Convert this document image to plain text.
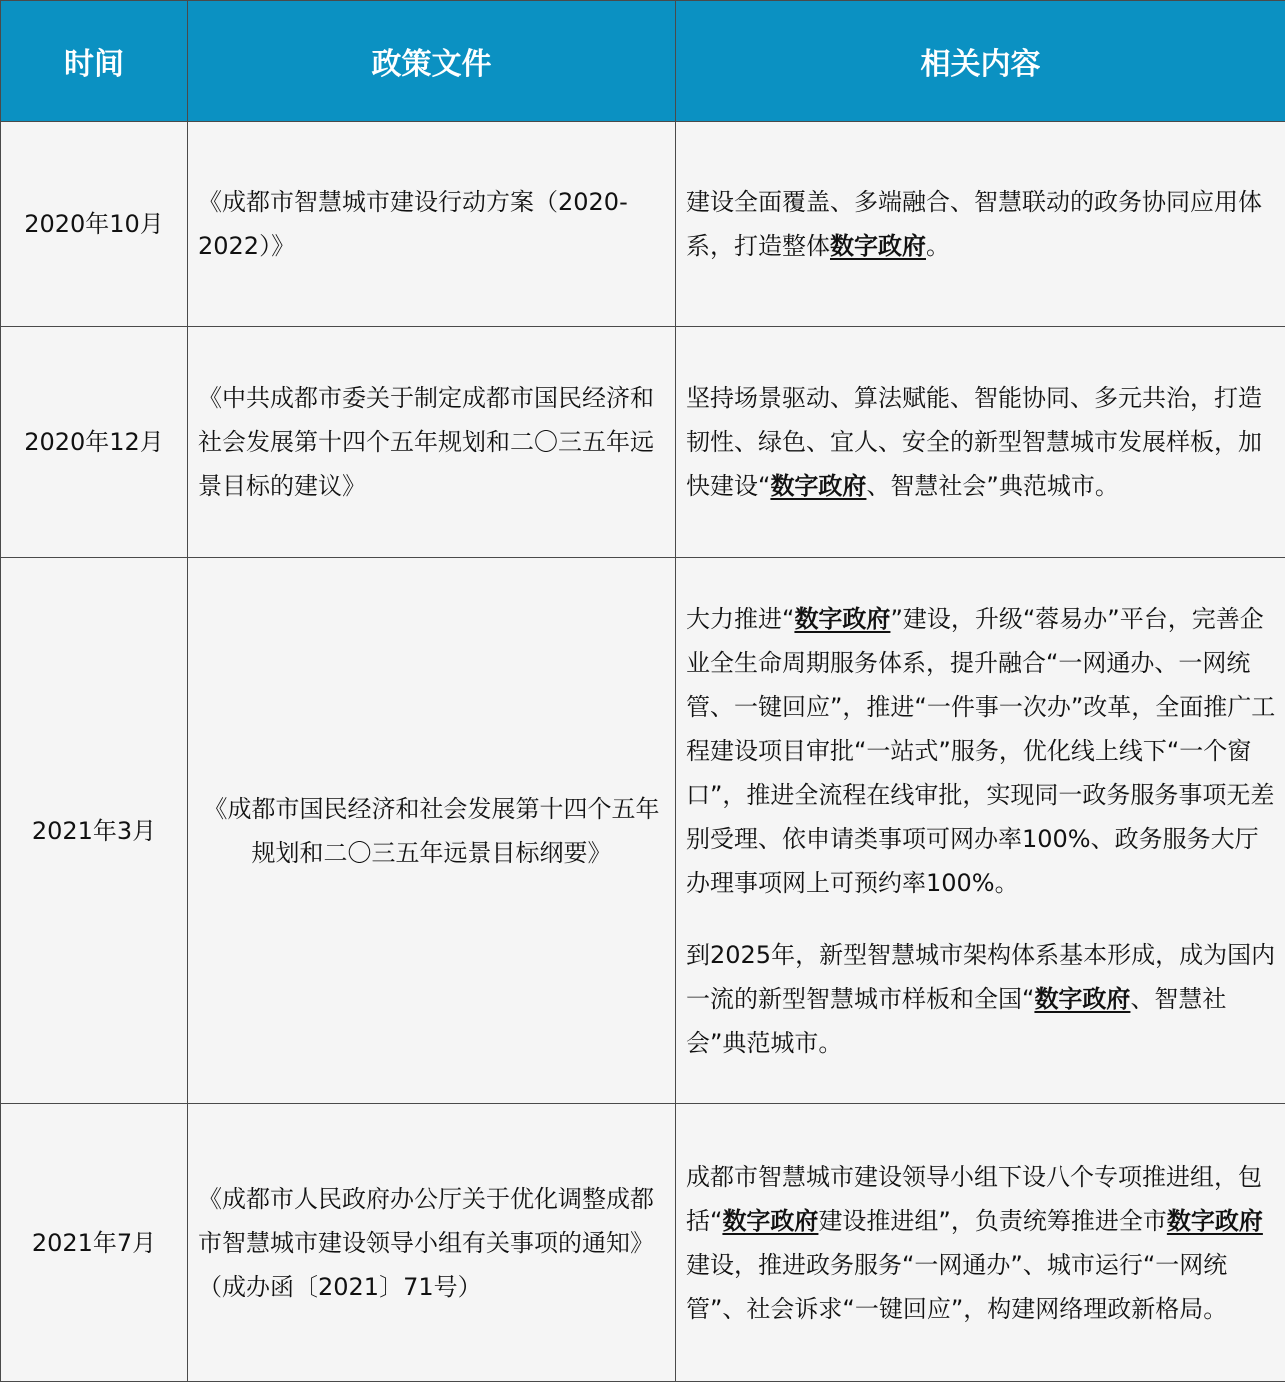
时间	政策文件	相关内容
2020年10月	《成都市智慧城市建设行动方案（2020-2022）》	建设全面覆盖、多端融合、智慧联动的政务协同应用体系，打造整体数字政府。

2020年12月	《中共成都市委关于制定成都市国民经济和社会发展第十四个五年规划和二〇三五年远景目标的建议》	坚持场景驱动、算法赋能、智能协同、多元共治，打造韧性、绿色、宜人、安全的新型智慧城市发展样板，加快建设“数字政府、智慧社会”典范城市。

2021年3月	《成都市国民经济和社会发展第十四个五年规划和二〇三五年远景目标纲要》	大力推进“数字政府”建设，升级“蓉易办”平台，完善企业全生命周期服务体系，提升融合“一网通办、一网统管、一键回应”，推进“一件事一次办”改革，全面推广工程建设项目审批“一站式”服务，优化线上线下“一个窗口”，推进全流程在线审批，实现同一政务服务事项无差别受理、依申请类事项可网办率100%、政务服务大厅办理事项网上可预约率100%。

到2025年，新型智慧城市架构体系基本形成，成为国内一流的新型智慧城市样板和全国“数字政府、智慧社会”典范城市。

2021年7月	《成都市人民政府办公厅关于优化调整成都市智慧城市建设领导小组有关事项的通知》（成办函〔2021〕71号）	成都市智慧城市建设领导小组下设八个专项推进组，包括“数字政府建设推进组”，负责统筹推进全市数字政府建设，推进政务服务“一网通办”、城市运行“一网统管”、社会诉求“一键回应”，构建网络理政新格局。
